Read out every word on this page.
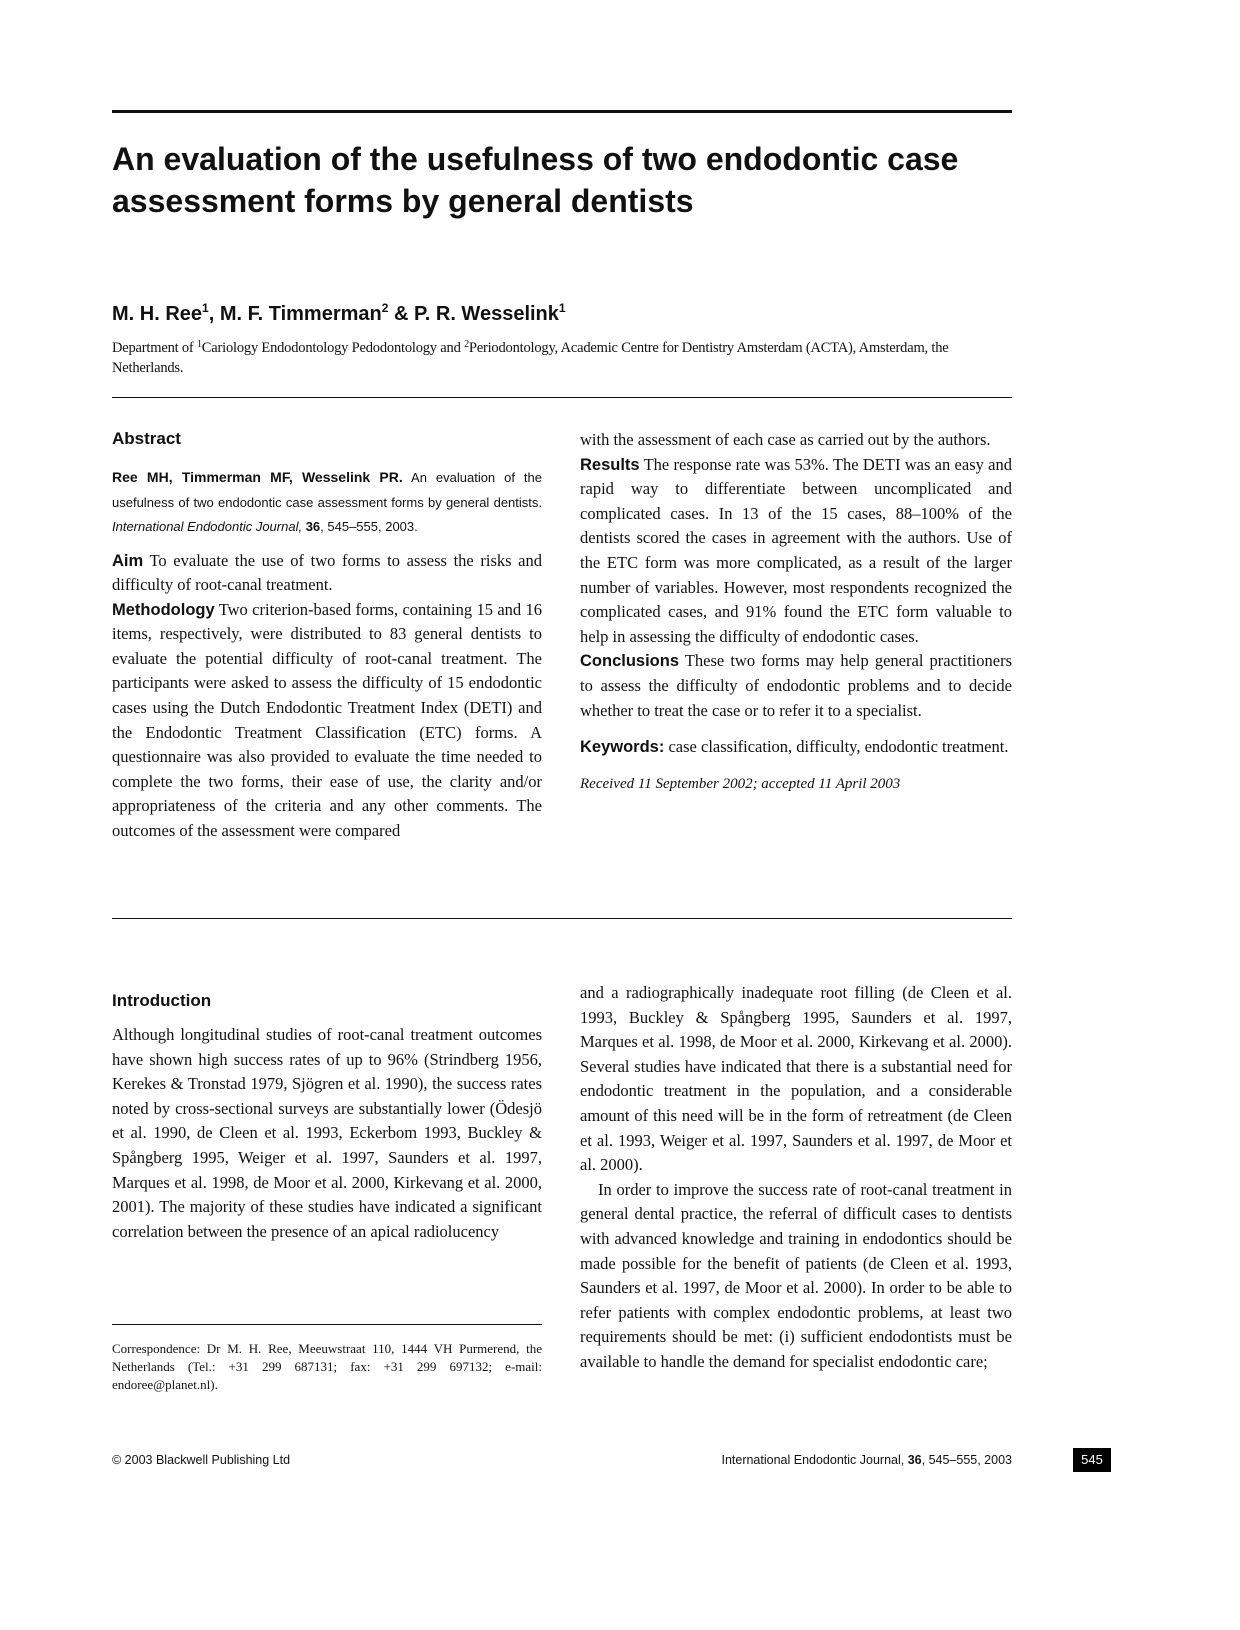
An evaluation of the usefulness of two endodontic case assessment forms by general dentists
M. H. Ree$^1$, M. F. Timmerman$^2$ & P. R. Wesselink$^1$
Department of $^1$Cariology Endodontology Pedodontology and $^2$Periodontology, Academic Centre for Dentistry Amsterdam (ACTA), Amsterdam, the Netherlands.
Abstract

Ree MH, Timmerman MF, Wesselink PR. An evaluation of the usefulness of two endodontic case assessment forms by general dentists. International Endodontic Journal, 36, 545–555, 2003.

Aim To evaluate the use of two forms to assess the risks and difficulty of root-canal treatment.

Methodology Two criterion-based forms, containing 15 and 16 items, respectively, were distributed to 83 general dentists to evaluate the potential difficulty of root-canal treatment. The participants were asked to assess the difficulty of 15 endodontic cases using the Dutch Endodontic Treatment Index (DETI) and the Endodontic Treatment Classification (ETC) forms. A questionnaire was also provided to evaluate the time needed to complete the two forms, their ease of use, the clarity and/or appropriateness of the criteria and any other comments. The outcomes of the assessment were compared

with the assessment of each case as carried out by the authors.

Results The response rate was 53%. The DETI was an easy and rapid way to differentiate between uncomplicated and complicated cases. In 13 of the 15 cases, 88–100% of the dentists scored the cases in agreement with the authors. Use of the ETC form was more complicated, as a result of the larger number of variables. However, most respondents recognized the complicated cases, and 91% found the ETC form valuable to help in assessing the difficulty of endodontic cases.

Conclusions These two forms may help general practitioners to assess the difficulty of endodontic problems and to decide whether to treat the case or to refer it to a specialist.

Keywords: case classification, difficulty, endodontic treatment.

Received 11 September 2002; accepted 11 April 2003

Introduction

Although longitudinal studies of root-canal treatment outcomes have shown high success rates of up to 96% (Strindberg 1956, Kerekes & Tronstad 1979, Sjögren et al. 1990), the success rates noted by cross-sectional surveys are substantially lower (Ödesjö et al. 1990, de Cleen et al. 1993, Eckerbom 1993, Buckley & Spångberg 1995, Weiger et al. 1997, Saunders et al. 1997, Marques et al. 1998, de Moor et al. 2000, Kirkevang et al. 2000, 2001). The majority of these studies have indicated a significant correlation between the presence of an apical radiolucency

and a radiographically inadequate root filling (de Cleen et al. 1993, Buckley & Spångberg 1995, Saunders et al. 1997, Marques et al. 1998, de Moor et al. 2000, Kirkevang et al. 2000). Several studies have indicated that there is a substantial need for endodontic treatment in the population, and a considerable amount of this need will be in the form of retreatment (de Cleen et al. 1993, Weiger et al. 1997, Saunders et al. 1997, de Moor et al. 2000).

In order to improve the success rate of root-canal treatment in general dental practice, the referral of difficult cases to dentists with advanced knowledge and training in endodontics should be made possible for the benefit of patients (de Cleen et al. 1993, Saunders et al. 1997, de Moor et al. 2000). In order to be able to refer patients with complex endodontic problems, at least two requirements should be met: (i) sufficient endodontists must be available to handle the demand for specialist endodontic care;

Correspondence: Dr M. H. Ree, Meeuwstraat 110, 1444 VH Purmerend, the Netherlands (Tel.: +31 299 687131; fax: +31 299 697132; e-mail: endoree@planet.nl).
© 2003 Blackwell Publishing Ltd	International Endodontic Journal, 36, 545–555, 2003	545
